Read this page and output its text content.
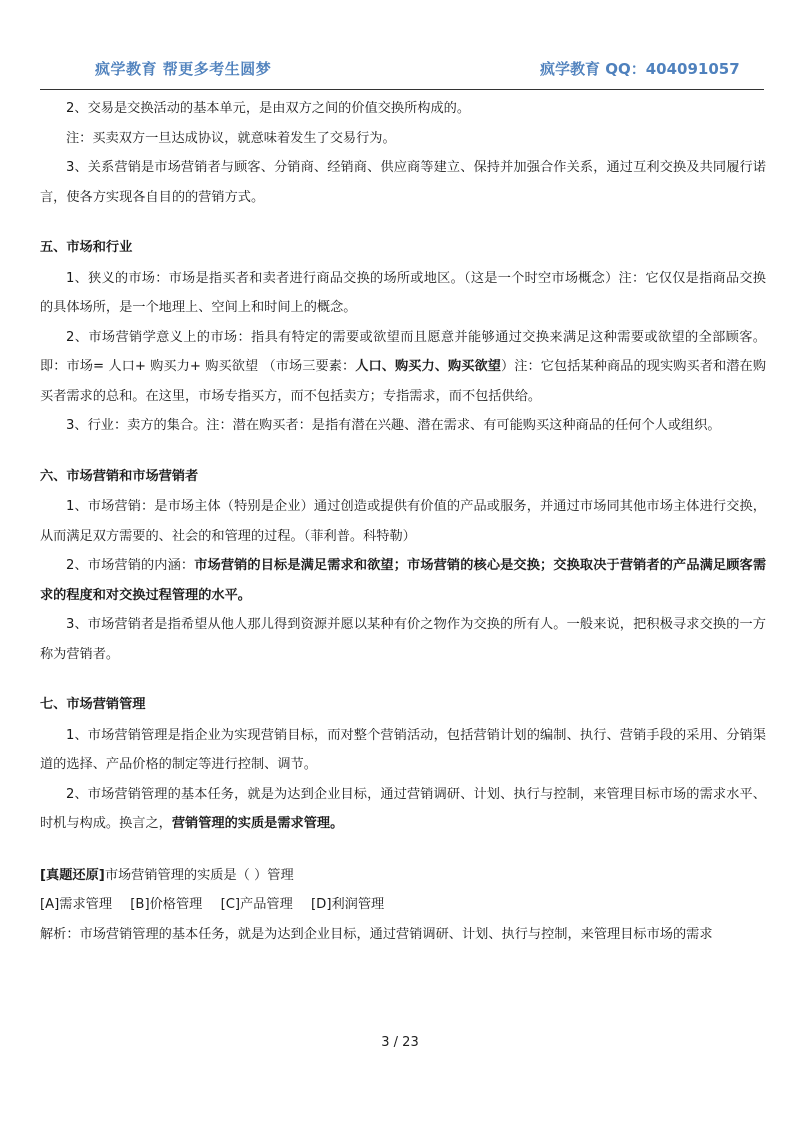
疯学教育 帮更多考生圆梦	疯学教育 QQ：404091057

2、交易是交换活动的基本单元，是由双方之间的价值交换所构成的。

注：买卖双方一旦达成协议，就意味着发生了交易行为。

3、关系营销是市场营销者与顾客、分销商、经销商、供应商等建立、保持并加强合作关系，通过互利交换及共同履行诺言，使各方实现各自目的的营销方式。

五、市场和行业

1、狭义的市场：市场是指买者和卖者进行商品交换的场所或地区。（这是一个时空市场概念）注：它仅仅是指商品交换的具体场所，是一个地理上、空间上和时间上的概念。

2、市场营销学意义上的市场：指具有特定的需要或欲望而且愿意并能够通过交换来满足这种需要或欲望的全部顾客。即：市场= 人口+ 购买力+ 购买欲望 （市场三要素：人口、购买力、购买欲望）注：它包括某种商品的现实购买者和潜在购买者需求的总和。在这里，市场专指买方，而不包括卖方；专指需求，而不包括供给。

3、行业：卖方的集合。注：潜在购买者：是指有潜在兴趣、潜在需求、有可能购买这种商品的任何个人或组织。

六、市场营销和市场营销者

1、市场营销：是市场主体（特别是企业）通过创造或提供有价值的产品或服务，并通过市场同其他市场主体进行交换，从而满足双方需要的、社会的和管理的过程。（菲利普。科特勒）

2、市场营销的内涵：市场营销的目标是满足需求和欲望；市场营销的核心是交换；交换取决于营销者的产品满足顾客需求的程度和对交换过程管理的水平。

3、市场营销者是指希望从他人那儿得到资源并愿以某种有价之物作为交换的所有人。一般来说，把积极寻求交换的一方称为营销者。

七、市场营销管理

1、市场营销管理是指企业为实现营销目标，而对整个营销活动，包括营销计划的编制、执行、营销手段的采用、分销渠道的选择、产品价格的制定等进行控制、调节。

2、市场营销管理的基本任务，就是为达到企业目标，通过营销调研、计划、执行与控制，来管理目标市场的需求水平、时机与构成。换言之，营销管理的实质是需求管理。

[真题还原]市场营销管理的实质是（ ）管理

[A]需求管理 [B]价格管理 [C]产品管理 [D]利润管理

解析：市场营销管理的基本任务，就是为达到企业目标，通过营销调研、计划、执行与控制，来管理目标市场的需求

3 / 23
